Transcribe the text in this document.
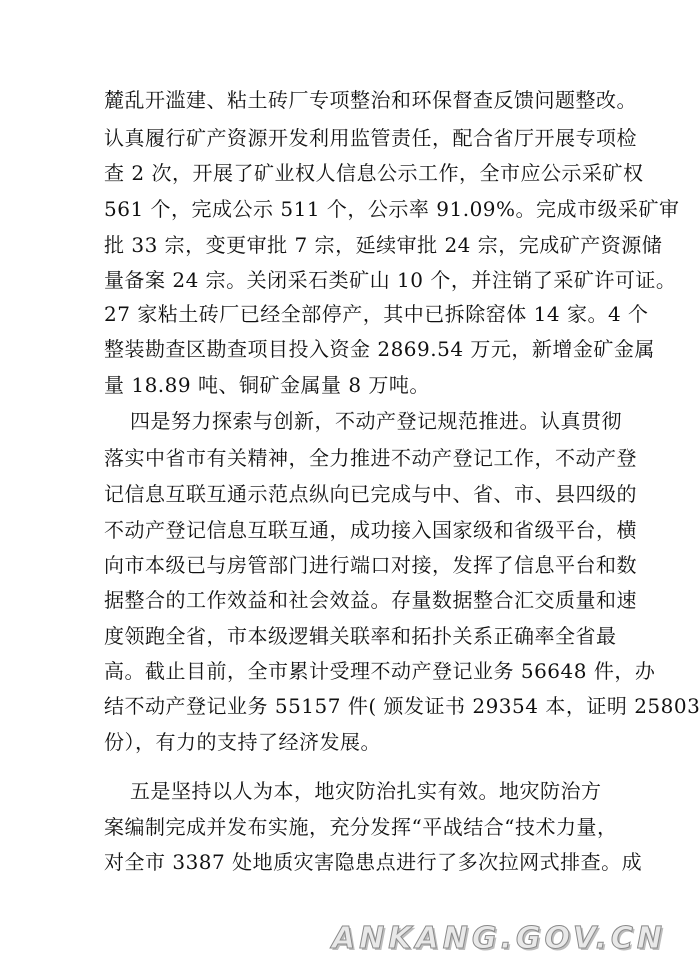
麓乱开滥建、粘土砖厂专项整治和环保督查反馈问题整改。
认真履行矿产资源开发利用监管责任，配合省厅开展专项检
查 2 次，开展了矿业权人信息公示工作，全市应公示采矿权
561 个，完成公示 511 个，公示率 91.09%。完成市级采矿审
批 33 宗，变更审批 7 宗，延续审批 24 宗，完成矿产资源储
量备案 24 宗。关闭采石类矿山 10 个，并注销了采矿许可证。
27 家粘土砖厂已经全部停产，其中已拆除窑体 14 家。4 个
整装勘查区勘查项目投入资金 2869.54 万元，新增金矿金属
量 18.89 吨、铜矿金属量 8 万吨。
四是努力探索与创新，不动产登记规范推进。认真贯彻
落实中省市有关精神，全力推进不动产登记工作，不动产登
记信息互联互通示范点纵向已完成与中、省、市、县四级的
不动产登记信息互联互通，成功接入国家级和省级平台，横
向市本级已与房管部门进行端口对接，发挥了信息平台和数
据整合的工作效益和社会效益。存量数据整合汇交质量和速
度领跑全省，市本级逻辑关联率和拓扑关系正确率全省最
高。截止目前，全市累计受理不动产登记业务 56648 件，办
结不动产登记业务 55157 件( 颁发证书 29354 本，证明 25803
份），有力的支持了经济发展。
五是坚持以人为本，地灾防治扎实有效。地灾防治方
案编制完成并发布实施，充分发挥“平战结合“技术力量，
对全市 3387 处地质灾害隐患点进行了多次拉网式排查。成
ANKANG.GOV.CN
